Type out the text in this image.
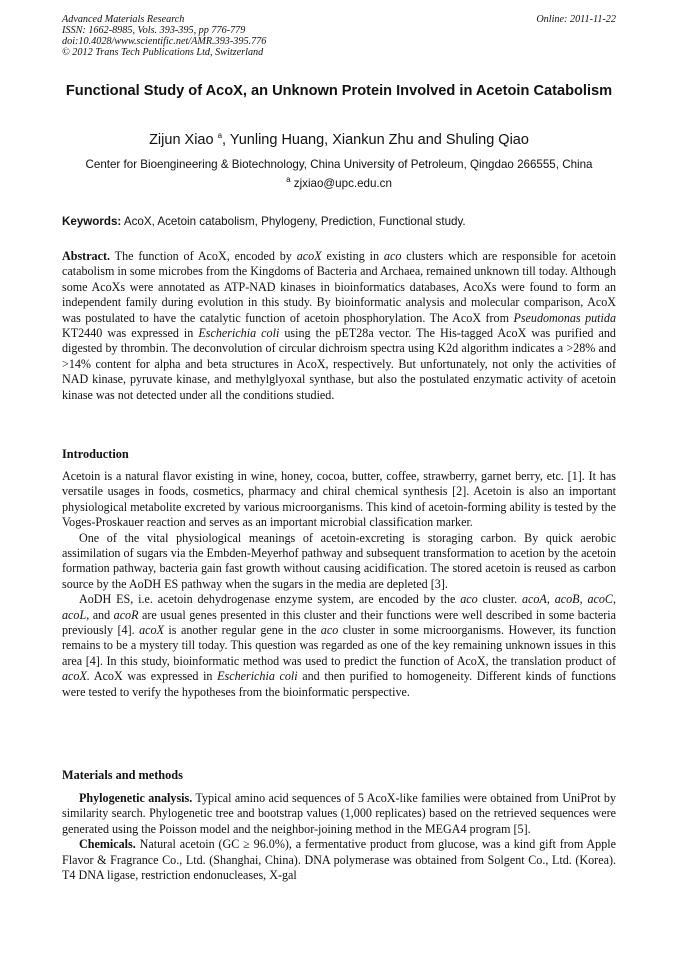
Advanced Materials Research
ISSN: 1662-8985, Vols. 393-395, pp 776-779
doi:10.4028/www.scientific.net/AMR.393-395.776
© 2012 Trans Tech Publications Ltd, Switzerland
Online: 2011-11-22
Functional Study of AcoX, an Unknown Protein Involved in Acetoin Catabolism
Zijun Xiao $^a$, Yunling Huang, Xiankun Zhu and Shuling Qiao
Center for Bioengineering & Biotechnology, China University of Petroleum, Qingdao 266555, China
$^a$ zjxiao@upc.edu.cn
Keywords: AcoX, Acetoin catabolism, Phylogeny, Prediction, Functional study.

Abstract. The function of AcoX, encoded by acoX existing in aco clusters which are responsible for acetoin catabolism in some microbes from the Kingdoms of Bacteria and Archaea, remained unknown till today. Although some AcoXs were annotated as ATP-NAD kinases in bioinformatics databases, AcoXs were found to form an independent family during evolution in this study. By bioinformatic analysis and molecular comparison, AcoX was postulated to have the catalytic function of acetoin phosphorylation. The AcoX from Pseudomonas putida KT2440 was expressed in Escherichia coli using the pET28a vector. The His-tagged AcoX was purified and digested by thrombin. The deconvolution of circular dichroism spectra using K2d algorithm indicates a >28% and >14% content for alpha and beta structures in AcoX, respectively. But unfortunately, not only the activities of NAD kinase, pyruvate kinase, and methylglyoxal synthase, but also the postulated enzymatic activity of acetoin kinase was not detected under all the conditions studied.

Introduction

Acetoin is a natural flavor existing in wine, honey, cocoa, butter, coffee, strawberry, garnet berry, etc. [1]. It has versatile usages in foods, cosmetics, pharmacy and chiral chemical synthesis [2]. Acetoin is also an important physiological metabolite excreted by various microorganisms. This kind of acetoin-forming ability is tested by the Voges-Proskauer reaction and serves as an important microbial classification marker.

One of the vital physiological meanings of acetoin-excreting is storaging carbon. By quick aerobic assimilation of sugars via the Embden-Meyerhof pathway and subsequent transformation to acetion by the acetoin formation pathway, bacteria gain fast growth without causing acidification. The stored acetoin is reused as carbon source by the AoDH ES pathway when the sugars in the media are depleted [3].

AoDH ES, i.e. acetoin dehydrogenase enzyme system, are encoded by the aco cluster. acoA, acoB, acoC, acoL, and acoR are usual genes presented in this cluster and their functions were well described in some bacteria previously [4]. acoX is another regular gene in the aco cluster in some microorganisms. However, its function remains to be a mystery till today. This question was regarded as one of the key remaining unknown issues in this area [4]. In this study, bioinformatic method was used to predict the function of AcoX, the translation product of acoX. AcoX was expressed in Escherichia coli and then purified to homogeneity. Different kinds of functions were tested to verify the hypotheses from the bioinformatic perspective.

Materials and methods

Phylogenetic analysis. Typical amino acid sequences of 5 AcoX-like families were obtained from UniProt by similarity search. Phylogenetic tree and bootstrap values (1,000 replicates) based on the retrieved sequences were generated using the Poisson model and the neighbor-joining method in the MEGA4 program [5].

Chemicals. Natural acetoin (GC ≥ 96.0%), a fermentative product from glucose, was a kind gift from Apple Flavor & Fragrance Co., Ltd. (Shanghai, China). DNA polymerase was obtained from Solgent Co., Ltd. (Korea). T4 DNA ligase, restriction endonucleases, X-gal
